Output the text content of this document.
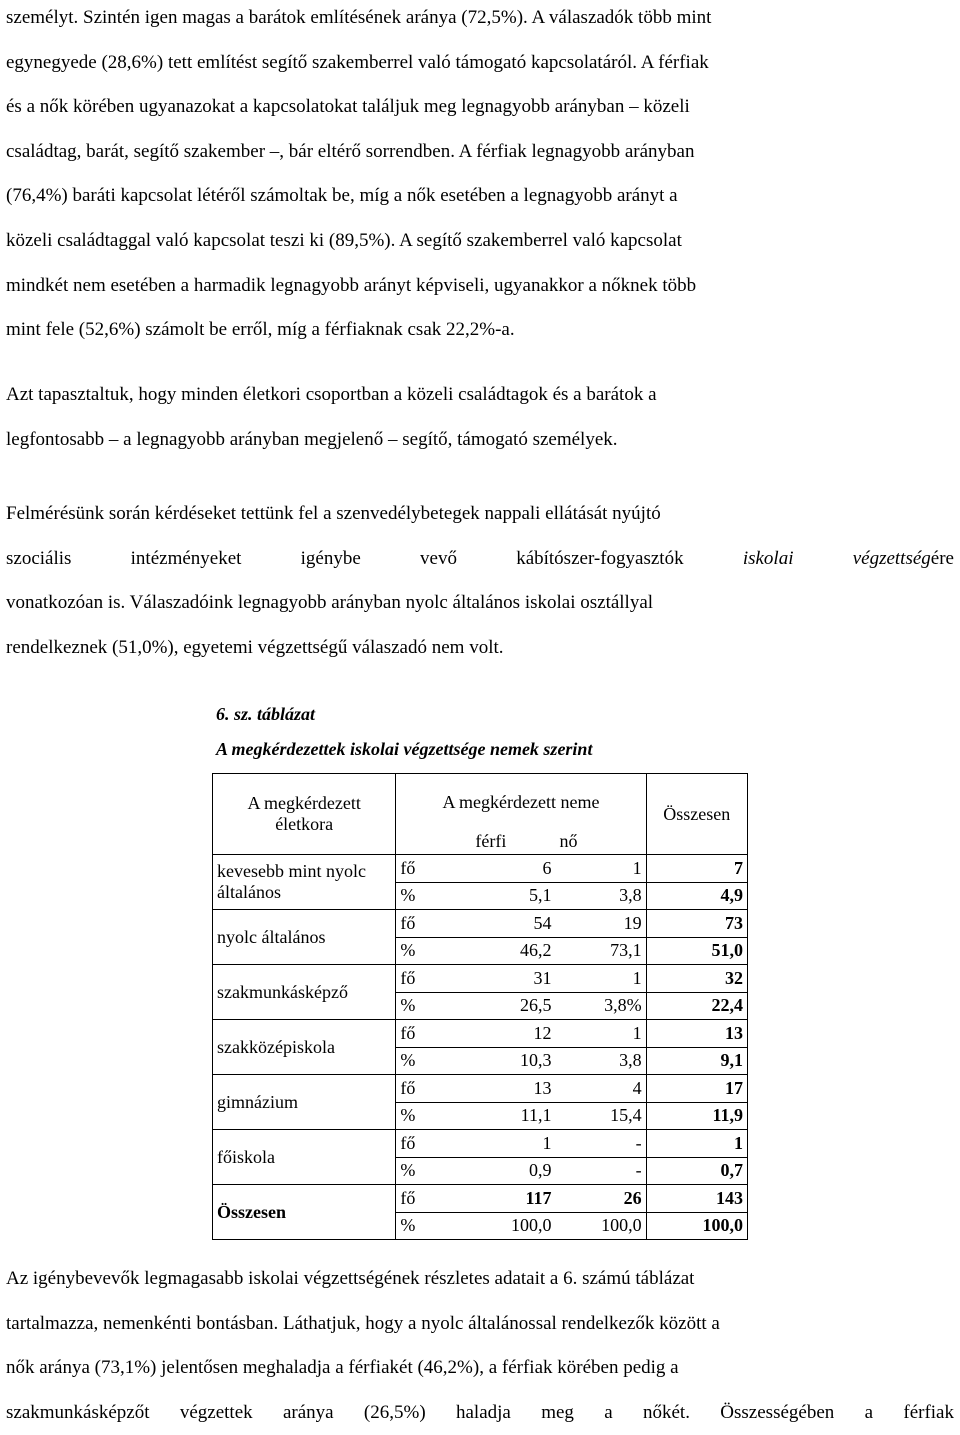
személyt. Szintén igen magas a barátok említésének aránya (72,5%). A válaszadók több mint
egynegyede (28,6%) tett említést segítő szakemberrel való támogató kapcsolatáról. A férfiak
és a nők körében ugyanazokat a kapcsolatokat találjuk meg legnagyobb arányban – közeli
családtag, barát, segítő szakember –, bár eltérő sorrendben. A férfiak legnagyobb arányban
(76,4%) baráti kapcsolat létéről számoltak be, míg a nők esetében a legnagyobb arányt a
közeli családtaggal való kapcsolat teszi ki (89,5%). A segítő szakemberrel való kapcsolat
mindkét nem esetében a harmadik legnagyobb arányt képviseli, ugyanakkor a nőknek több
mint fele (52,6%) számolt be erről, míg a férfiaknak csak 22,2%-a.
Azt tapasztaltuk, hogy minden életkori csoportban a közeli családtagok és a barátok a
legfontosabb – a legnagyobb arányban megjelenő – segítő, támogató személyek.
Felmérésünk során kérdéseket tettünk fel a szenvedélybetegek nappali ellátását nyújtó
szociális intézményeket igénybe vevő kábítószer-fogyasztók iskolai végzettségére
vonatkozóan is. Válaszadóink legnagyobb arányban nyolc általános iskolai osztállyal
rendelkeznek (51,0%), egyetemi végzettségű válaszadó nem volt.
6. sz. táblázat
A megkérdezettek iskolai végzettsége nemek szerint
A megkérdezett életkora	A megkérdezett neme			Összesen
		férfi	nő	
kevesebb mint nyolc általános	fő	6	1	7
	%	5,1	3,8	4,9
nyolc általános	fő	54	19	73
	%	46,2	73,1	51,0
szakmunkásképző	fő	31	1	32
	%	26,5	3,8%	22,4
szakközépiskola	fő	12	1	13
	%	10,3	3,8	9,1
gimnázium	fő	13	4	17
	%	11,1	15,4	11,9
főiskola	fő	1	-	1
	%	0,9	-	0,7
Összesen	fő	117	26	143
	%	100,0	100,0	100,0
Az igénybevevők legmagasabb iskolai végzettségének részletes adatait a 6. számú táblázat
tartalmazza, nemenkénti bontásban. Láthatjuk, hogy a nyolc általánossal rendelkezők között a
nők aránya (73,1%) jelentősen meghaladja a férfiakét (46,2%), a férfiak körében pedig a
szakmunkásképzőt végzettek aránya (26,5%) haladja meg a nőkét. Összességében a férfiak
